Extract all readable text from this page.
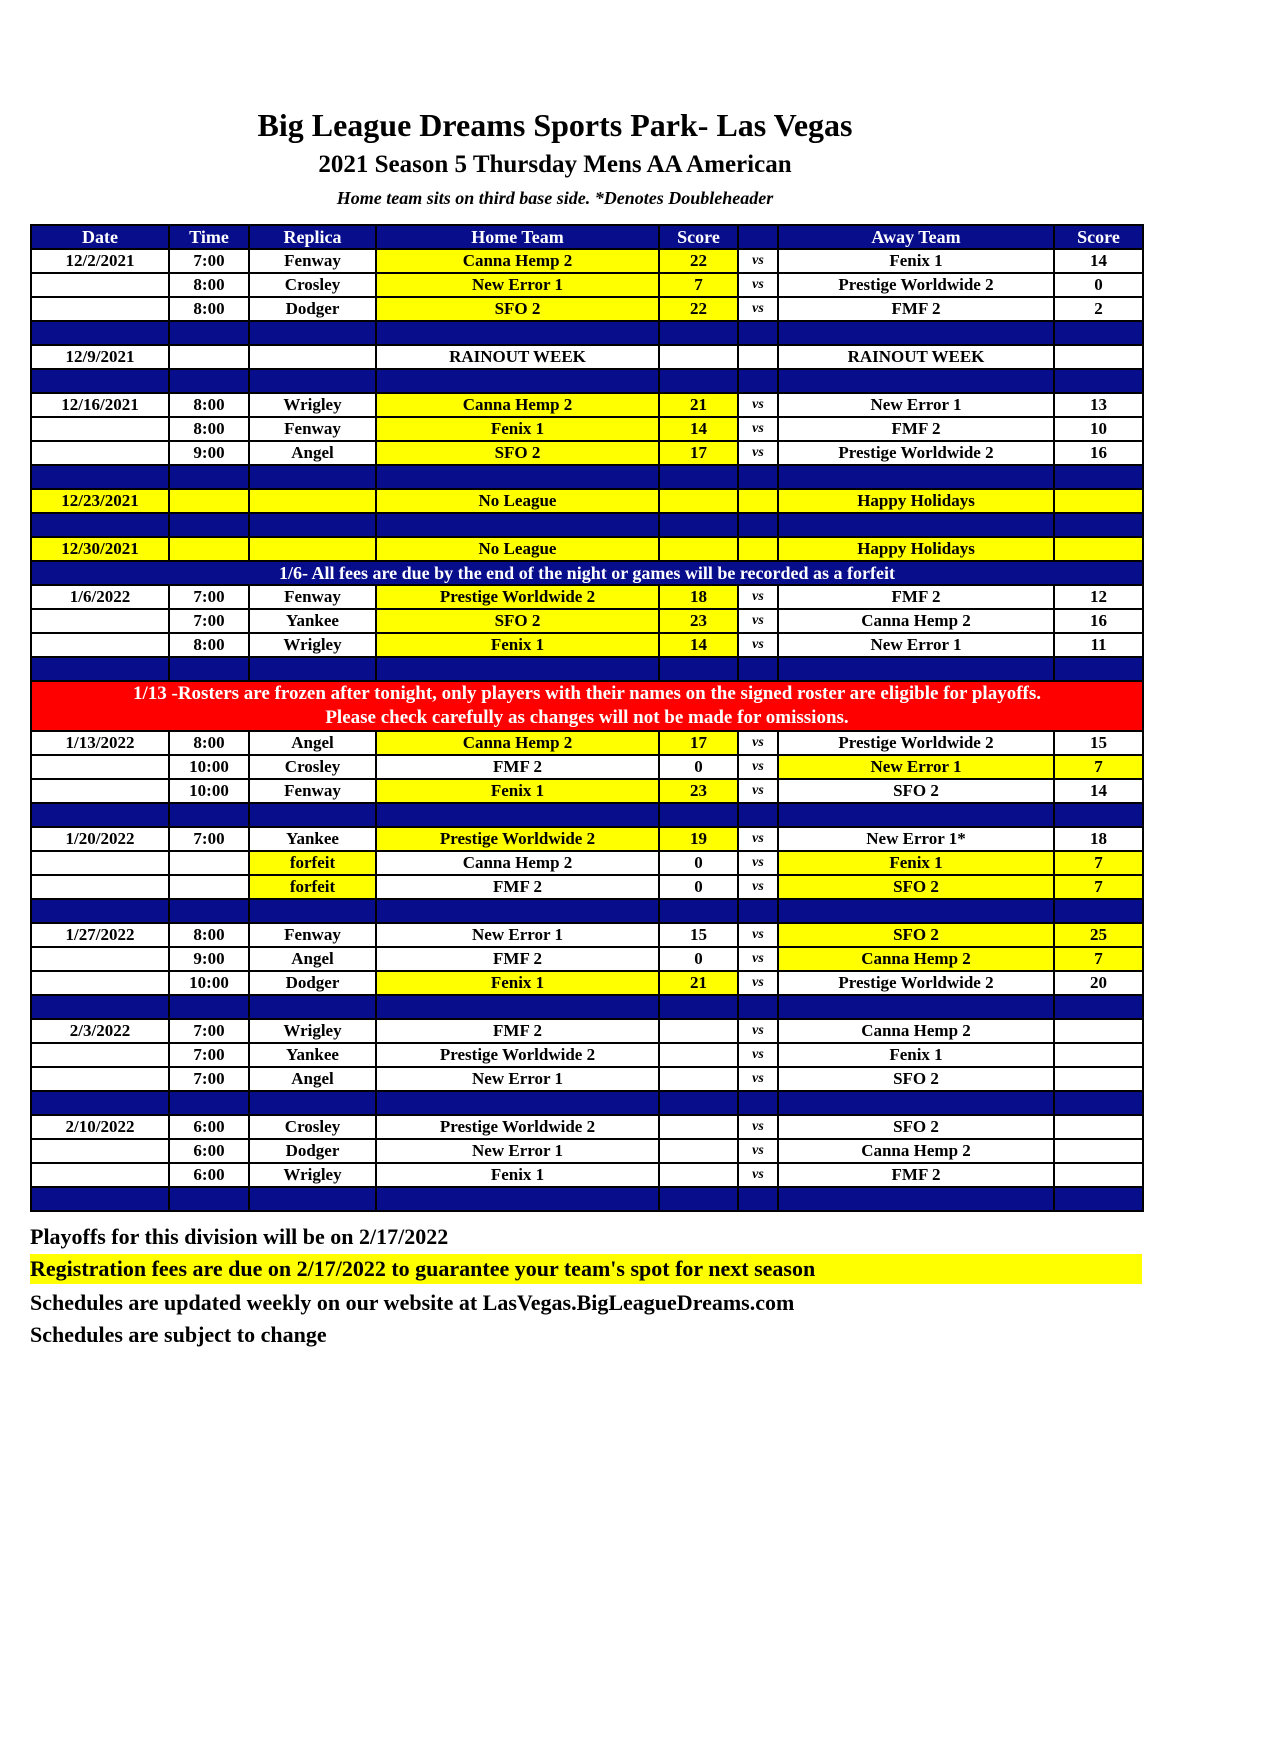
Big League Dreams Sports Park- Las Vegas
2021 Season 5 Thursday Mens AA American
Home team sits on third base side. *Denotes Doubleheader
Date	Time	Replica	Home Team	Score		Away Team	Score
12/2/2021	7:00	Fenway	Canna Hemp 2	22	vs	Fenix 1	14
	8:00	Crosley	New Error 1	7	vs	Prestige Worldwide 2	0
	8:00	Dodger	SFO 2	22	vs	FMF 2	2

12/9/2021			RAINOUT WEEK			RAINOUT WEEK	

12/16/2021	8:00	Wrigley	Canna Hemp 2	21	vs	New Error 1	13
	8:00	Fenway	Fenix 1	14	vs	FMF 2	10
	9:00	Angel	SFO 2	17	vs	Prestige Worldwide 2	16

12/23/2021			No League			Happy Holidays	

12/30/2021			No League			Happy Holidays	
1/6- All fees are due by the end of the night or games will be recorded as a forfeit							
1/6/2022	7:00	Fenway	Prestige Worldwide 2	18	vs	FMF 2	12
	7:00	Yankee	SFO 2	23	vs	Canna Hemp 2	16
	8:00	Wrigley	Fenix 1	14	vs	New Error 1	11

1/13 -Rosters are frozen after tonight, only players with their names on the signed roster are eligible for playoffs.
Please check carefully as changes will not be made for omissions.							

1/13/2022	8:00	Angel	Canna Hemp 2	17	vs	Prestige Worldwide 2	15
	10:00	Crosley	FMF 2	0	vs	New Error 1	7
	10:00	Fenway	Fenix 1	23	vs	SFO 2	14

1/20/2022	7:00	Yankee	Prestige Worldwide 2	19	vs	New Error 1*	18
		forfeit	Canna Hemp 2	0	vs	Fenix 1	7
		forfeit	FMF 2	0	vs	SFO 2	7

1/27/2022	8:00	Fenway	New Error 1	15	vs	SFO 2	25
	9:00	Angel	FMF 2	0	vs	Canna Hemp 2	7
	10:00	Dodger	Fenix 1	21	vs	Prestige Worldwide 2	20

2/3/2022	7:00	Wrigley	FMF 2		vs	Canna Hemp 2	
	7:00	Yankee	Prestige Worldwide 2		vs	Fenix 1	
	7:00	Angel	New Error 1		vs	SFO 2	

2/10/2022	6:00	Crosley	Prestige Worldwide 2		vs	SFO 2	
	6:00	Dodger	New Error 1		vs	Canna Hemp 2	
	6:00	Wrigley	Fenix 1		vs	FMF 2	

Playoffs for this division will be on 2/17/2022
Registration fees are due on 2/17/2022 to guarantee your team's spot for next season
Schedules are updated weekly on our website at LasVegas.BigLeagueDreams.com
Schedules are subject to change
